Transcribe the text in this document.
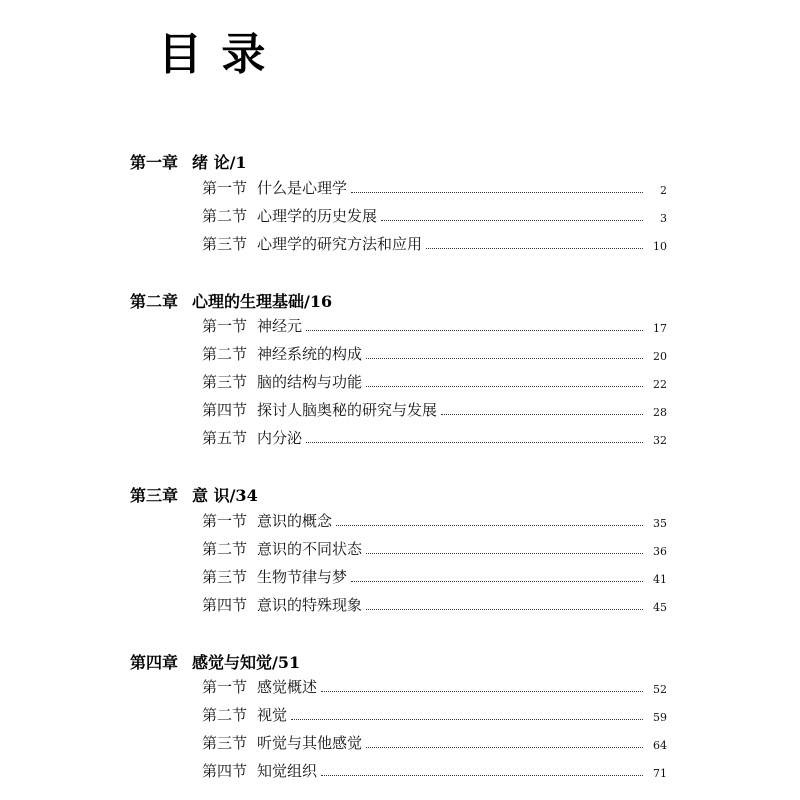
目 录
第一章 绪 论/1
第一节 什么是心理学	2
第二节 心理学的历史发展	3
第三节 心理学的研究方法和应用	10
第二章 心理的生理基础/16
第一节 神经元	17
第二节 神经系统的构成	20
第三节 脑的结构与功能	22
第四节 探讨人脑奥秘的研究与发展	28
第五节 内分泌	32
第三章 意 识/34
第一节 意识的概念	35
第二节 意识的不同状态	36
第三节 生物节律与梦	41
第四节 意识的特殊现象	45
第四章 感觉与知觉/51
第一节 感觉概述	52
第二节 视觉	59
第三节 听觉与其他感觉	64
第四节 知觉组织	71
